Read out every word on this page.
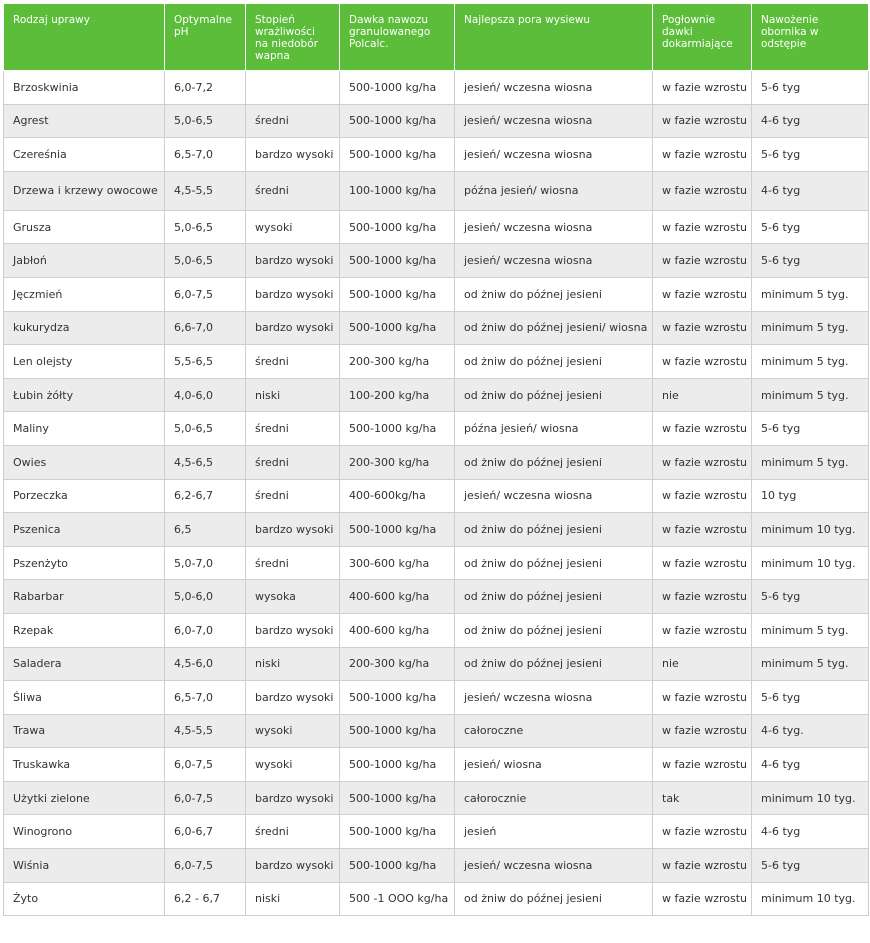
Rodzaj uprawy	Optymalne pH	Stopień wrażliwości na niedobór wapna	Dawka nawozu granulowanego Polcalc.	Najlepsza pora wysiewu	Pogłownie dawki dokarmiające	Nawożenie obornika w odstępie
Brzoskwinia	6,0-7,2		500-1000 kg/ha	jesień/ wczesna wiosna	w fazie wzrostu	5-6 tyg
Agrest	5,0-6,5	średni	500-1000 kg/ha	jesień/ wczesna wiosna	w fazie wzrostu	4-6 tyg
Czereśnia	6,5-7,0	bardzo wysoki	500-1000 kg/ha	jesień/ wczesna wiosna	w fazie wzrostu	5-6 tyg
Drzewa i krzewy owocowe	4,5-5,5	średni	100-1000 kg/ha	późna jesień/ wiosna	w fazie wzrostu	4-6 tyg
Grusza	5,0-6,5	wysoki	500-1000 kg/ha	jesień/ wczesna wiosna	w fazie wzrostu	5-6 tyg
Jabłoń	5,0-6,5	bardzo wysoki	500-1000 kg/ha	jesień/ wczesna wiosna	w fazie wzrostu	5-6 tyg
Jęczmień	6,0-7,5	bardzo wysoki	500-1000 kg/ha	od żniw do późnej jesieni	w fazie wzrostu	minimum 5 tyg.
kukurydza	6,6-7,0	bardzo wysoki	500-1000 kg/ha	od żniw do późnej jesieni/ wiosna	w fazie wzrostu	minimum 5 tyg.
Len olejsty	5,5-6,5	średni	200-300 kg/ha	od żniw do późnej jesieni	w fazie wzrostu	minimum 5 tyg.
Łubin żółty	4,0-6,0	niski	100-200 kg/ha	od żniw do późnej jesieni	nie	minimum 5 tyg.
Maliny	5,0-6,5	średni	500-1000 kg/ha	późna jesień/ wiosna	w fazie wzrostu	5-6 tyg
Owies	4,5-6,5	średni	200-300 kg/ha	od żniw do późnej jesieni	w fazie wzrostu	minimum 5 tyg.
Porzeczka	6,2-6,7	średni	400-600kg/ha	jesień/ wczesna wiosna	w fazie wzrostu	10 tyg
Pszenica	6,5	bardzo wysoki	500-1000 kg/ha	od żniw do późnej jesieni	w fazie wzrostu	minimum 10 tyg.
Pszenżyto	5,0-7,0	średni	300-600 kg/ha	od żniw do późnej jesieni	w fazie wzrostu	minimum 10 tyg.
Rabarbar	5,0-6,0	wysoka	400-600 kg/ha	od żniw do późnej jesieni	w fazie wzrostu	5-6 tyg
Rzepak	6,0-7,0	bardzo wysoki	400-600 kg/ha	od żniw do późnej jesieni	w fazie wzrostu	minimum 5 tyg.
Saladera	4,5-6,0	niski	200-300 kg/ha	od żniw do późnej jesieni	nie	minimum 5 tyg.
Śliwa	6,5-7,0	bardzo wysoki	500-1000 kg/ha	jesień/ wczesna wiosna	w fazie wzrostu	5-6 tyg
Trawa	4,5-5,5	wysoki	500-1000 kg/ha	całoroczne	w fazie wzrostu	4-6 tyg.
Truskawka	6,0-7,5	wysoki	500-1000 kg/ha	jesień/ wiosna	w fazie wzrostu	4-6 tyg
Użytki zielone	6,0-7,5	bardzo wysoki	500-1000 kg/ha	całorocznie	tak	minimum 10 tyg.
Winogrono	6,0-6,7	średni	500-1000 kg/ha	jesień	w fazie wzrostu	4-6 tyg
Wiśnia	6,0-7,5	bardzo wysoki	500-1000 kg/ha	jesień/ wczesna wiosna	w fazie wzrostu	5-6 tyg
Żyto	6,2 - 6,7	niski	500 -1 OOO kg/ha	od żniw do późnej jesieni	w fazie wzrostu	minimum 10 tyg.
